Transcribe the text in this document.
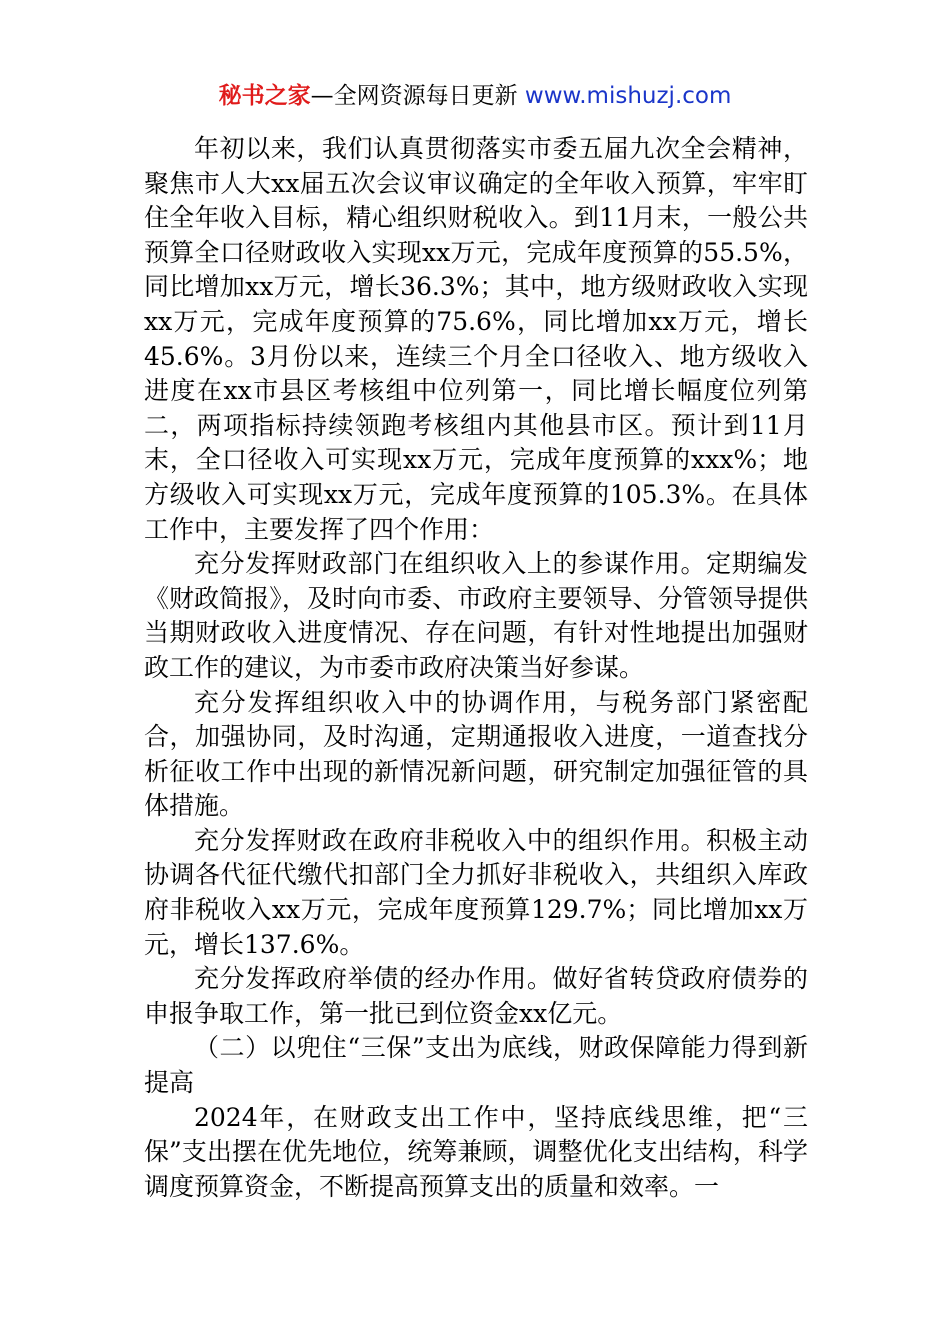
秘书之家—全网资源每日更新 www.mishuzj.com

年初以来，我们认真贯彻落实市委五届九次全会精神，聚焦市人大xx届五次会议审议确定的全年收入预算，牢牢盯住全年收入目标，精心组织财税收入。到11月末，一般公共预算全口径财政收入实现xx万元，完成年度预算的55.5%，同比增加xx万元，增长36.3%；其中，地方级财政收入实现xx万元，完成年度预算的75.6%，同比增加xx万元，增长45.6%。3月份以来，连续三个月全口径收入、地方级收入进度在xx市县区考核组中位列第一，同比增长幅度位列第二，两项指标持续领跑考核组内其他县市区。预计到11月末，全口径收入可实现xx万元，完成年度预算的xxx%；地方级收入可实现xx万元，完成年度预算的105.3%。在具体工作中，主要发挥了四个作用：

充分发挥财政部门在组织收入上的参谋作用。定期编发《财政简报》，及时向市委、市政府主要领导、分管领导提供当期财政收入进度情况、存在问题，有针对性地提出加强财政工作的建议，为市委市政府决策当好参谋。

充分发挥组织收入中的协调作用，与税务部门紧密配合，加强协同，及时沟通，定期通报收入进度，一道查找分析征收工作中出现的新情况新问题，研究制定加强征管的具体措施。

充分发挥财政在政府非税收入中的组织作用。积极主动协调各代征代缴代扣部门全力抓好非税收入，共组织入库政府非税收入xx万元，完成年度预算129.7%；同比增加xx万元，增长137.6%。

充分发挥政府举债的经办作用。做好省转贷政府债券的申报争取工作，第一批已到位资金xx亿元。

（二）以兜住“三保”支出为底线，财政保障能力得到新提高

2024年，在财政支出工作中，坚持底线思维，把“三保”支出摆在优先地位，统筹兼顾，调整优化支出结构，科学调度预算资金，不断提高预算支出的质量和效率。一
